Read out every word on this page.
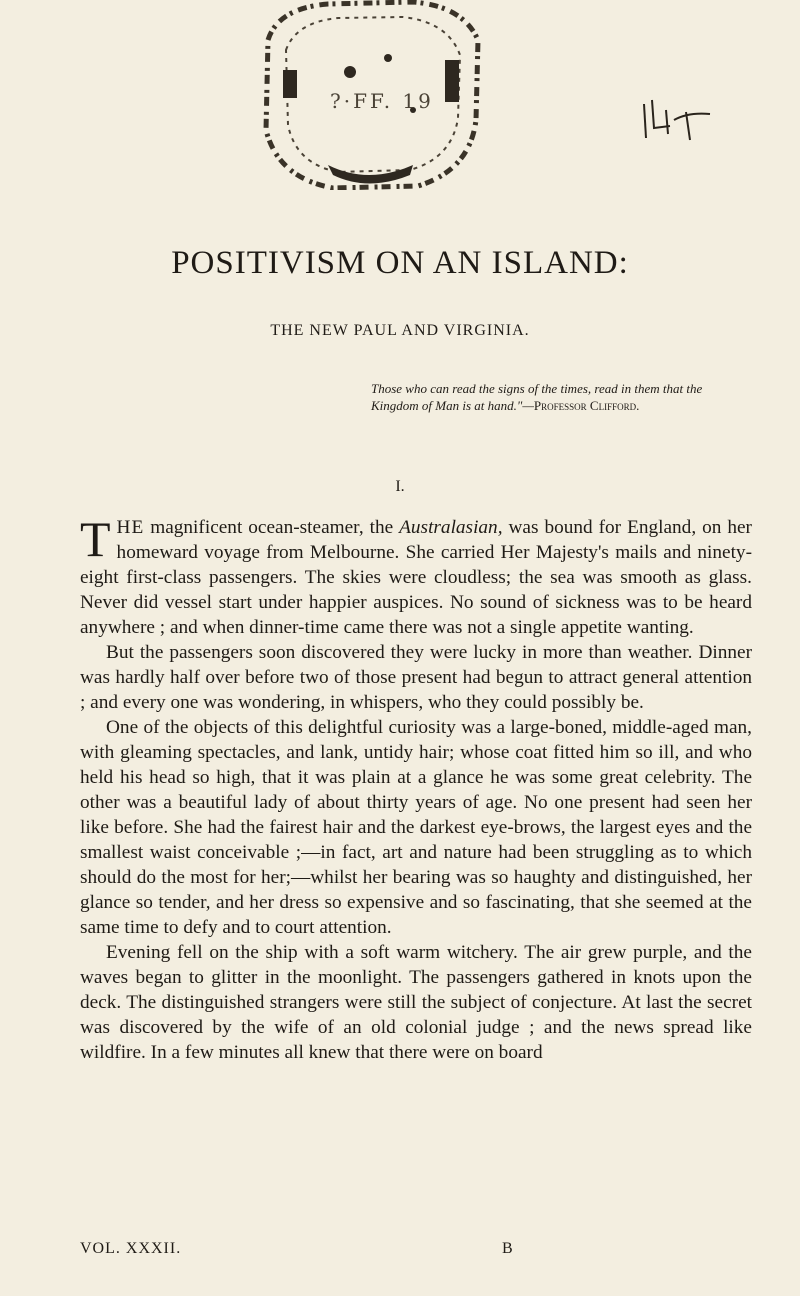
?·FF. 19
POSITIVISM ON AN ISLAND:
THE NEW PAUL AND VIRGINIA.
Those who can read the signs of the times, read in them that the Kingdom of Man is at hand."—Professor Clifford.
I.

THE magnificent ocean-steamer, the Australasian, was bound for England, on her homeward voyage from Melbourne. She carried Her Majesty's mails and ninety-eight first-class passengers. The skies were cloudless; the sea was smooth as glass. Never did vessel start under happier auspices. No sound of sickness was to be heard anywhere ; and when dinner-time came there was not a single appetite wanting.

But the passengers soon discovered they were lucky in more than weather. Dinner was hardly half over before two of those present had begun to attract general attention ; and every one was wondering, in whispers, who they could possibly be.

One of the objects of this delightful curiosity was a large-boned, middle-aged man, with gleaming spectacles, and lank, untidy hair; whose coat fitted him so ill, and who held his head so high, that it was plain at a glance he was some great celebrity. The other was a beautiful lady of about thirty years of age. No one present had seen her like before. She had the fairest hair and the darkest eye-brows, the largest eyes and the smallest waist conceivable ;—in fact, art and nature had been struggling as to which should do the most for her;—whilst her bearing was so haughty and distinguished, her glance so tender, and her dress so expensive and so fascinating, that she seemed at the same time to defy and to court attention.

Evening fell on the ship with a soft warm witchery. The air grew purple, and the waves began to glitter in the moonlight. The passengers gathered in knots upon the deck. The distinguished strangers were still the subject of conjecture. At last the secret was discovered by the wife of an old colonial judge ; and the news spread like wildfire. In a few minutes all knew that there were on board

VOL. XXXII.	B
